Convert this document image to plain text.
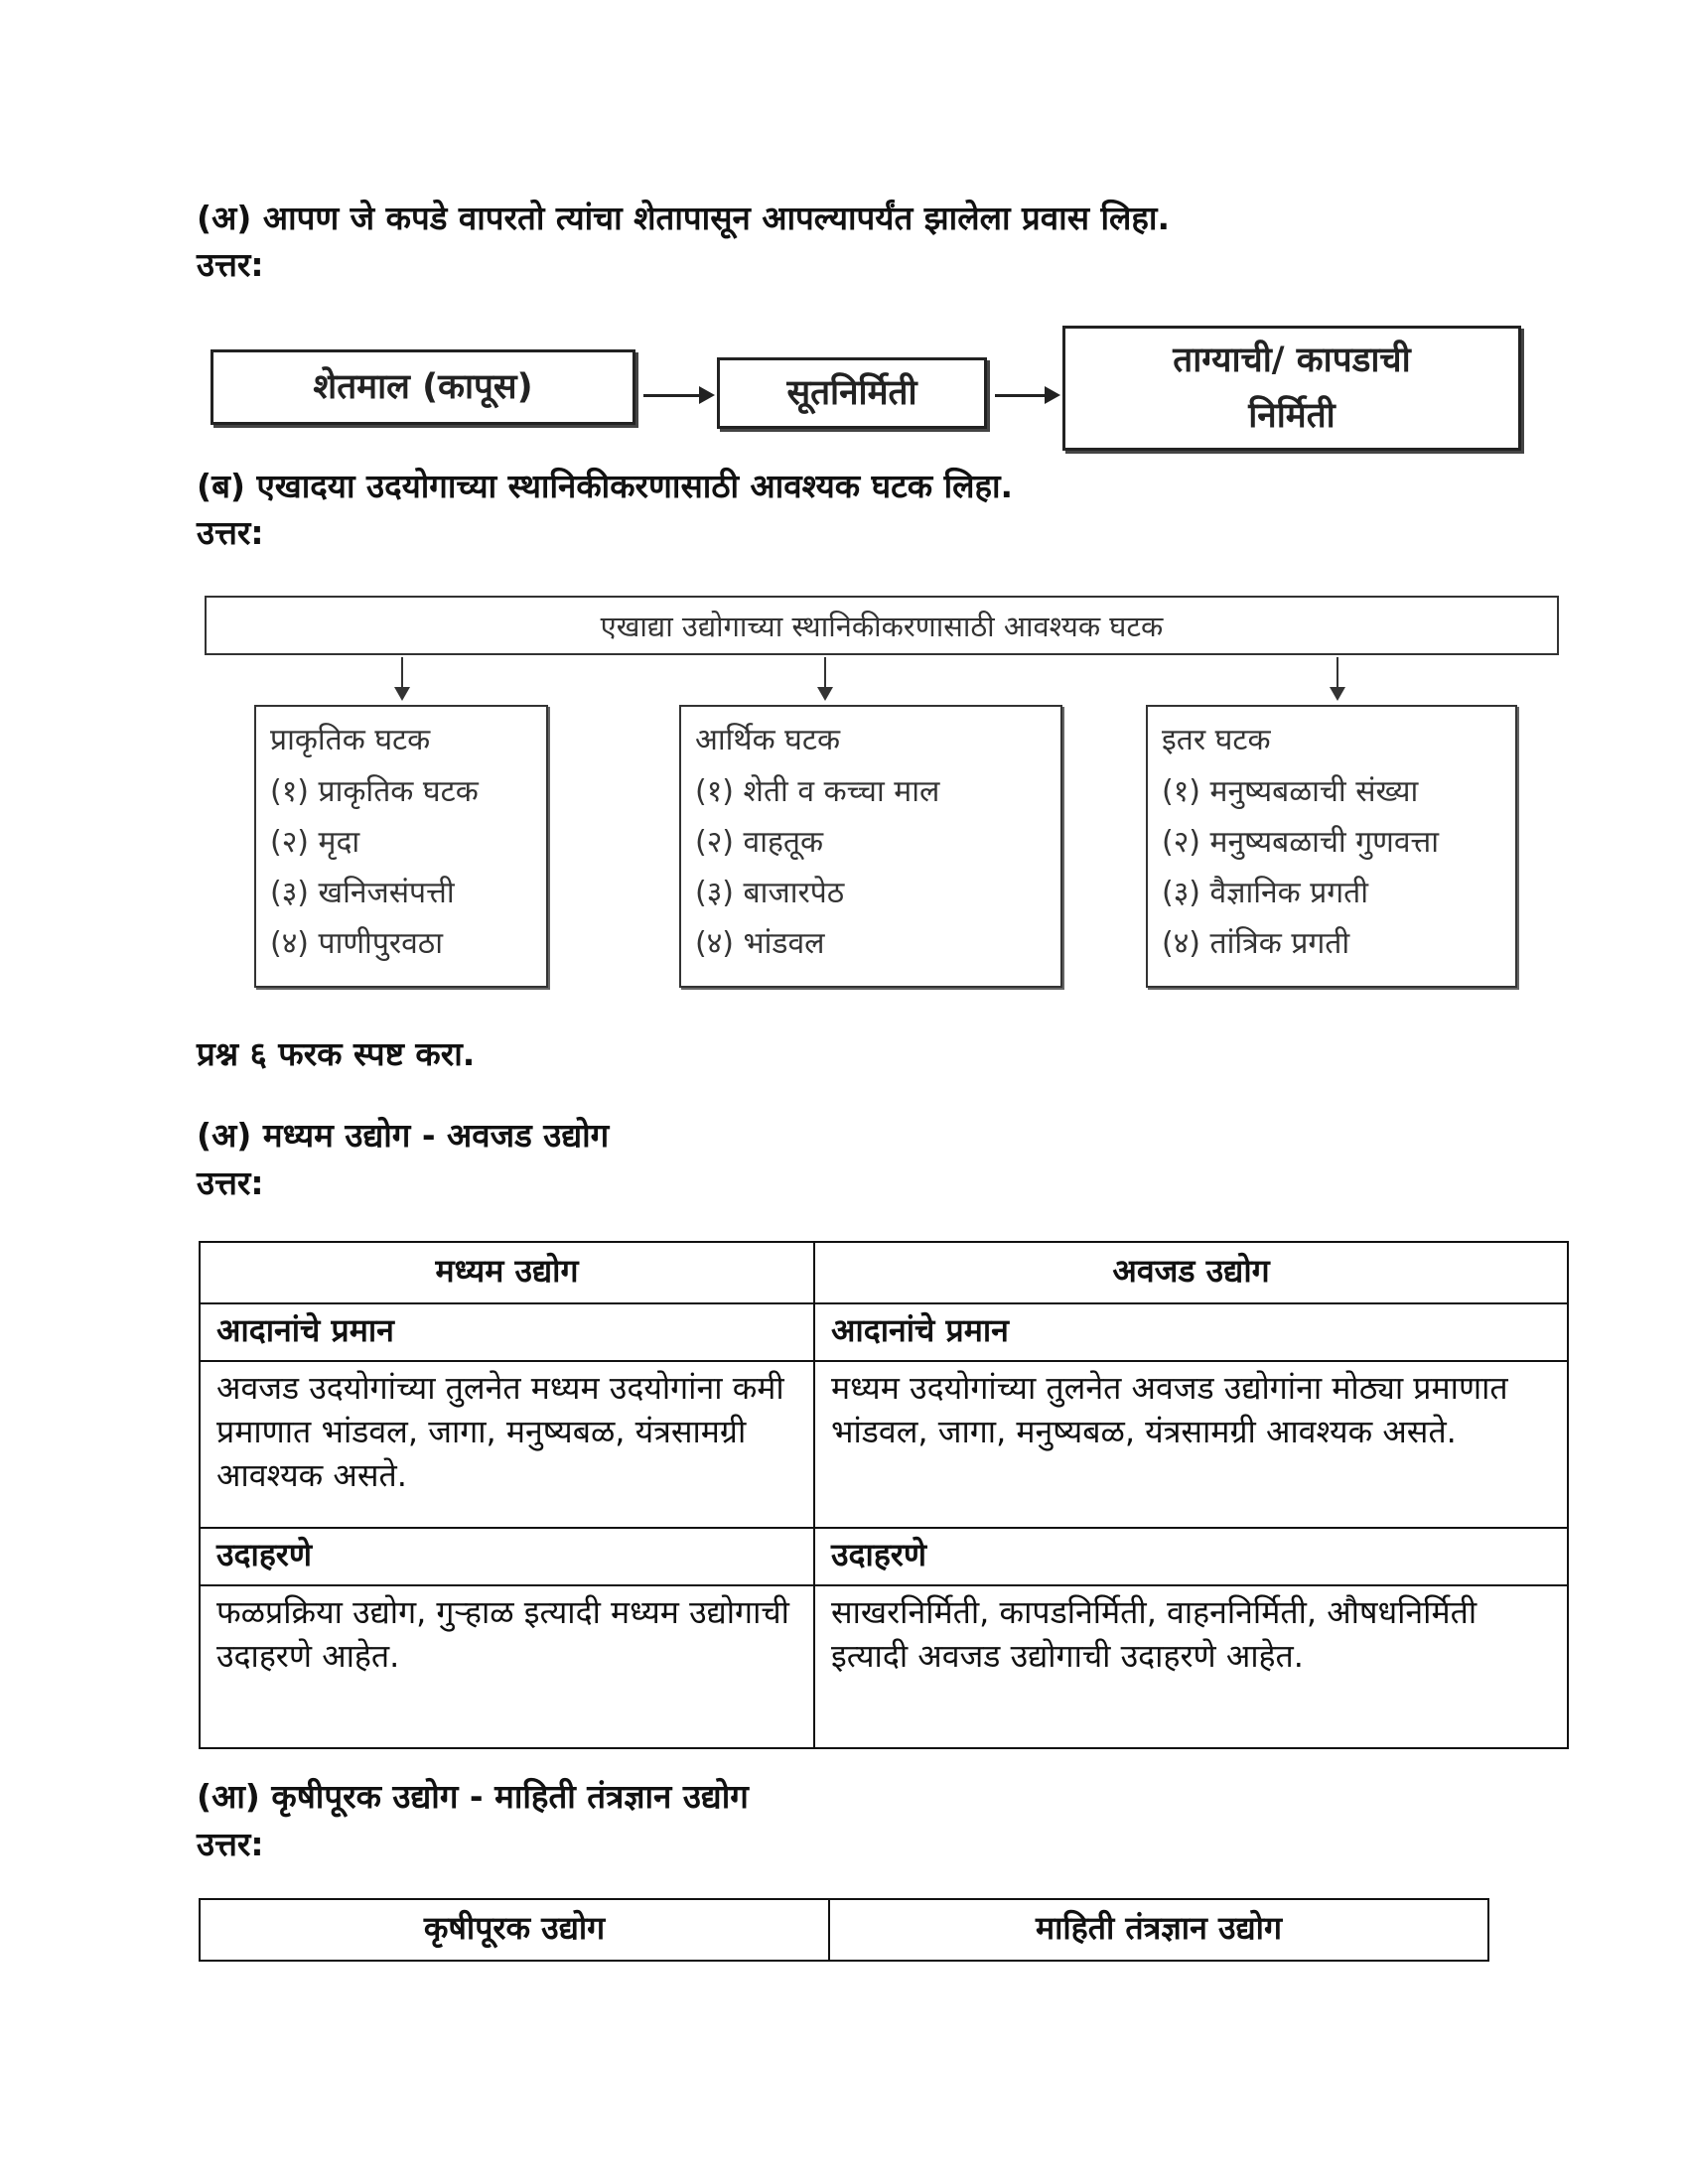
(अ) आपण जे कपडे वापरतो त्यांचा शेतापासून आपल्यापर्यंत झालेला प्रवास लिहा.
उत्तर:
शेतमाल (कापूस)	सूतनिर्मिती
ताग्याची/ कापडाची निर्मिती
(ब) एखादया उदयोगाच्या स्थानिकीकरणासाठी आवश्यक घटक लिहा.
उत्तर:
एखाद्या उद्योगाच्या स्थानिकीकरणासाठी आवश्यक घटक
प्राकृतिक घटक
(१) प्राकृतिक घटक
(२) मृदा
(३) खनिजसंपत्ती
(४) पाणीपुरवठा
आर्थिक घटक
(१) शेती व कच्चा माल
(२) वाहतूक
(३) बाजारपेठ
(४) भांडवल
इतर घटक
(१) मनुष्यबळाची संख्या
(२) मनुष्यबळाची गुणवत्ता
(३) वैज्ञानिक प्रगती
(४) तांत्रिक प्रगती
प्रश्न ६ फरक स्पष्ट करा.
(अ) मध्यम उद्योग - अवजड उद्योग
उत्तर:
मध्यम उद्योग	अवजड उद्योग
आदानांचे प्रमान	आदानांचे प्रमान
अवजड उदयोगांच्या तुलनेत मध्यम उदयोगांना कमी प्रमाणात भांडवल, जागा, मनुष्यबळ, यंत्रसामग्री आवश्यक असते.	मध्यम उदयोगांच्या तुलनेत अवजड उद्योगांना मोठ्या प्रमाणात भांडवल, जागा, मनुष्यबळ, यंत्रसामग्री आवश्यक असते.
उदाहरणे	उदाहरणे
फळप्रक्रिया उद्योग, गुऱ्हाळ इत्यादी मध्यम उद्योगाची उदाहरणे आहेत.	साखरनिर्मिती, कापडनिर्मिती, वाहननिर्मिती, औषधनिर्मिती इत्यादी अवजड उद्योगाची उदाहरणे आहेत.
(आ) कृषीपूरक उद्योग - माहिती तंत्रज्ञान उद्योग
उत्तर:
कृषीपूरक उद्योग	माहिती तंत्रज्ञान उद्योग
